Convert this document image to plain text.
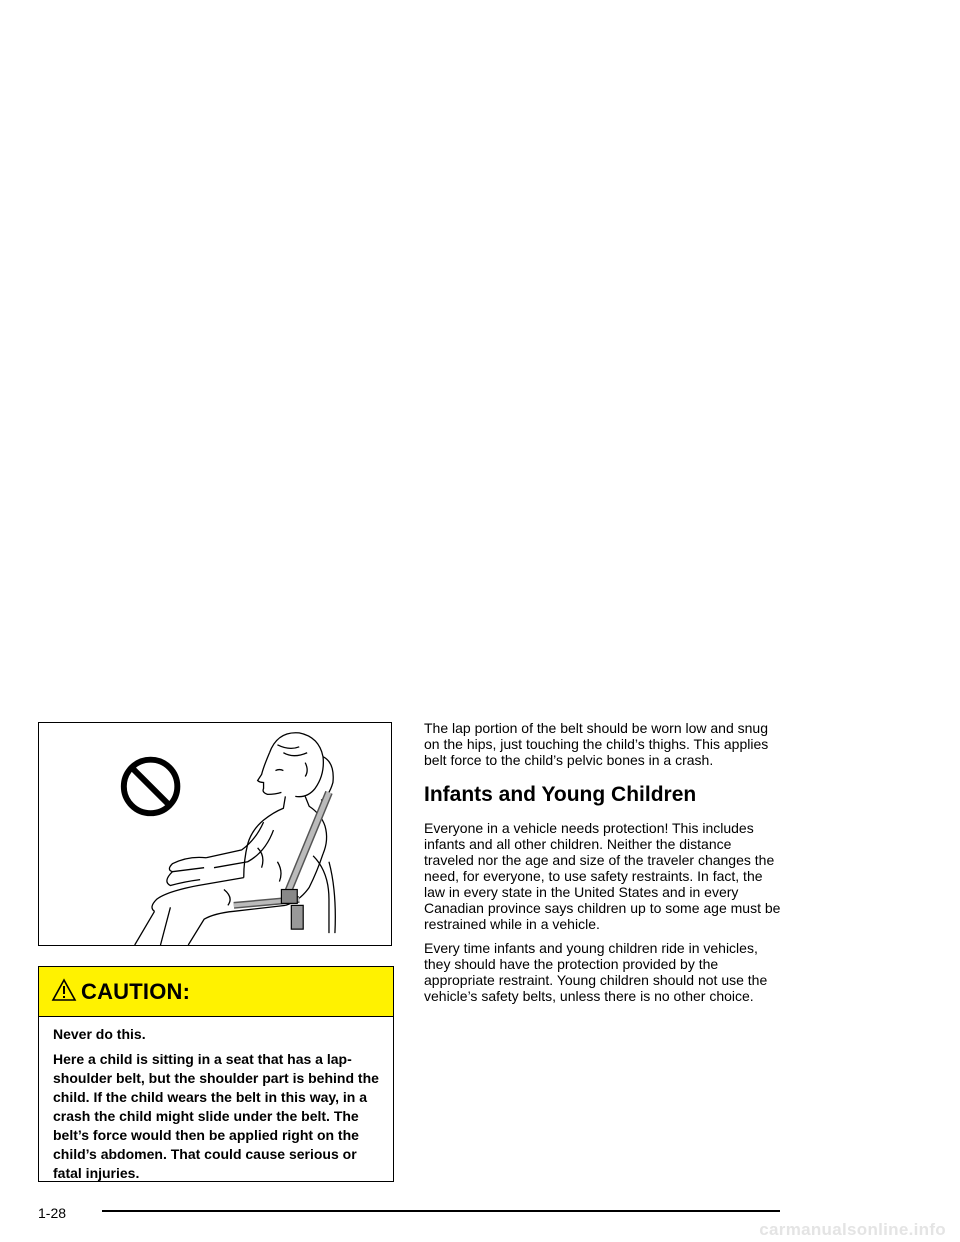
CAUTION:

Never do this.

Here a child is sitting in a seat that has a lap-shoulder belt, but the shoulder part is behind the child. If the child wears the belt in this way, in a crash the child might slide under the belt. The belt’s force would then be applied right on the child’s abdomen. That could cause serious or fatal injuries.

The lap portion of the belt should be worn low and snug on the hips, just touching the child’s thighs. This applies belt force to the child’s pelvic bones in a crash.

Infants and Young Children

Everyone in a vehicle needs protection! This includes infants and all other children. Neither the distance traveled nor the age and size of the traveler changes the need, for everyone, to use safety restraints. In fact, the law in every state in the United States and in every Canadian province says children up to some age must be restrained while in a vehicle.

Every time infants and young children ride in vehicles, they should have the protection provided by the appropriate restraint. Young children should not use the vehicle’s safety belts, unless there is no other choice.

1-28
carmanualsonline.info
